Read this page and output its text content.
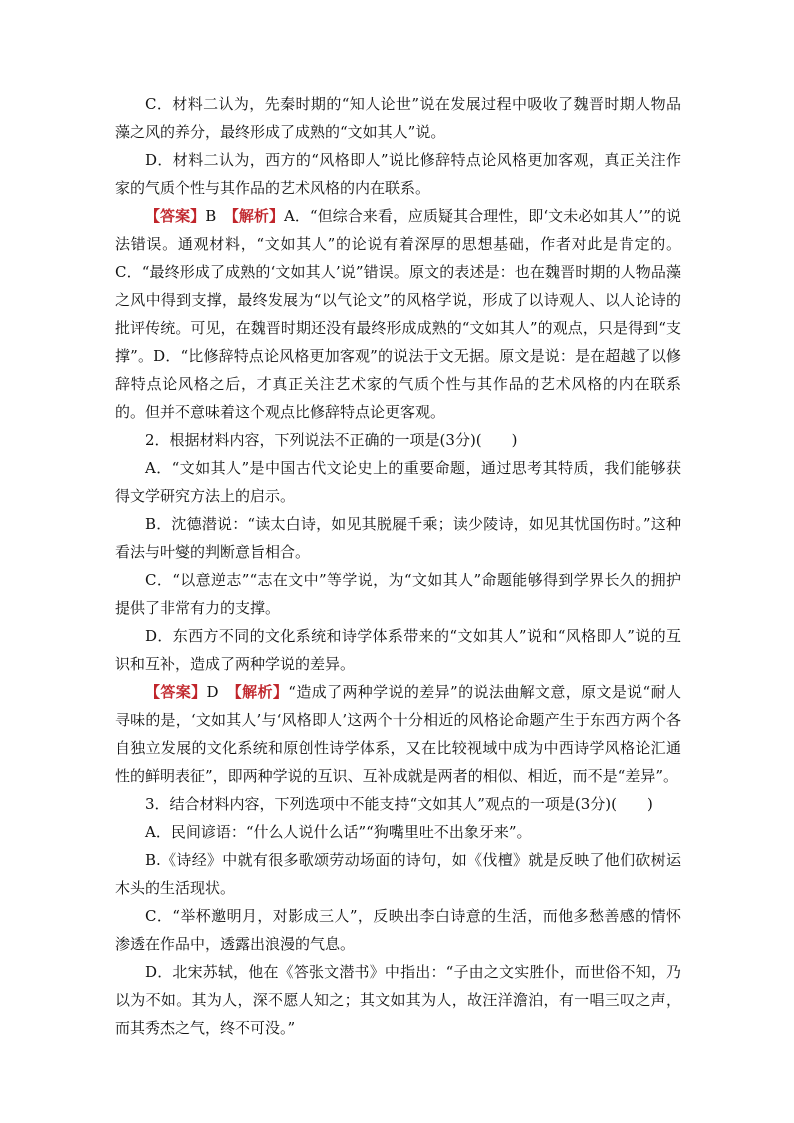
C．材料二认为，先秦时期的“知人论世”说在发展过程中吸收了魏晋时期人物品藻之风的养分，最终形成了成熟的“文如其人”说。

D．材料二认为，西方的“风格即人”说比修辞特点论风格更加客观，真正关注作家的气质个性与其作品的艺术风格的内在联系。

【答案】B　 【解析】A．“但综合来看，应质疑其合理性，即‘文未必如其人’”的说法错误。通观材料，“文如其人”的论说有着深厚的思想基础，作者对此是肯定的。C．“最终形成了成熟的‘文如其人’说”错误。原文的表述是：也在魏晋时期的人物品藻之风中得到支撑，最终发展为“以气论文”的风格学说，形成了以诗观人、以人论诗的批评传统。可见，在魏晋时期还没有最终形成成熟的“文如其人”的观点，只是得到“支撑”。D．“比修辞特点论风格更加客观”的说法于文无据。原文是说：是在超越了以修辞特点论风格之后，才真正关注艺术家的气质个性与其作品的艺术风格的内在联系的。但并不意味着这个观点比修辞特点论更客观。

2．根据材料内容，下列说法不正确的一项是(3分)(　　)

A．“文如其人”是中国古代文论史上的重要命题，通过思考其特质，我们能够获得文学研究方法上的启示。

B．沈德潜说：“读太白诗，如见其脱屣千乘；读少陵诗，如见其忧国伤时。”这种看法与叶燮的判断意旨相合。

C．“以意逆志”“志在文中”等学说，为“文如其人”命题能够得到学界长久的拥护提供了非常有力的支撑。

D．东西方不同的文化系统和诗学体系带来的“文如其人”说和“风格即人”说的互识和互补，造成了两种学说的差异。

【答案】D　 【解析】“造成了两种学说的差异”的说法曲解文意，原文是说“耐人寻味的是，‘文如其人’与‘风格即人’这两个十分相近的风格论命题产生于东西方两个各自独立发展的文化系统和原创性诗学体系，又在比较视域中成为中西诗学风格论汇通性的鲜明表征”，即两种学说的互识、互补成就是两者的相似、相近，而不是“差异”。

3．结合材料内容，下列选项中不能支持“文如其人”观点的一项是(3分)(　　)

A．民间谚语：“什么人说什么话”“狗嘴里吐不出象牙来”。

B.《诗经》中就有很多歌颂劳动场面的诗句，如《伐檀》就是反映了他们砍树运木头的生活现状。

C．“举杯邀明月，对影成三人”，反映出李白诗意的生活，而他多愁善感的情怀渗透在作品中，透露出浪漫的气息。

D．北宋苏轼，他在《答张文潜书》中指出：“子由之文实胜仆，而世俗不知，乃以为不如。其为人，深不愿人知之；其文如其为人，故汪洋澹泊，有一唱三叹之声，而其秀杰之气，终不可没。”
